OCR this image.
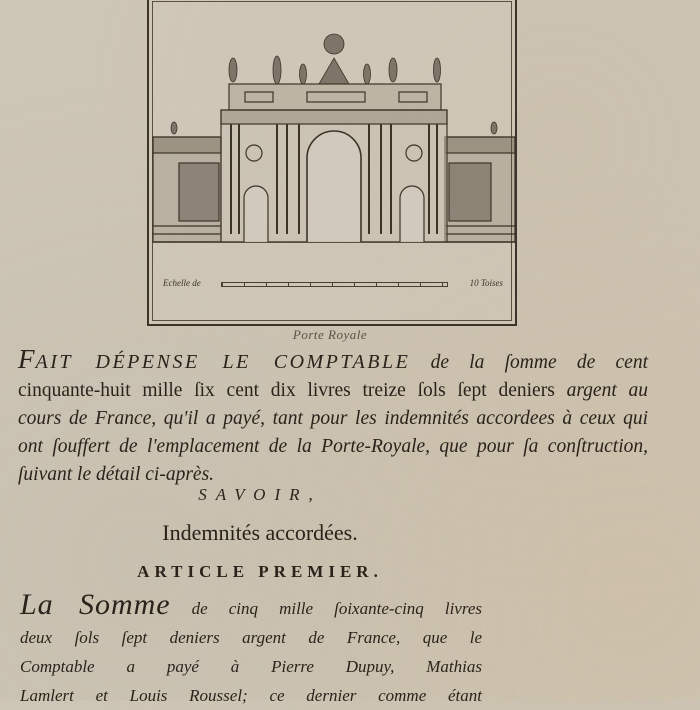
Echelle de	10 Toises
Porte Royale
FAIT DÉPENSE LE COMPTABLE de la ſomme de cent
cinquante-huit mille ſix cent dix livres treize ſols ſept deniers argent au
cours de France, qu'il a payé, tant pour les indemnités accordees à ceux qui
ont ſouffert de l'emplacement de la Porte-Royale, que pour ſa conſtruction,
ſuivant le détail ci-après.
SAVOIR,
Indemnités accordées.
ARTICLE PREMIER.
La Somme de cinq mille ſoixante-cinq livres
deux ſols ſept deniers argent de France, que le
Comptable a payé à Pierre Dupuy, Mathias
Lamlert et Louis Roussel; ce dernier comme étant
